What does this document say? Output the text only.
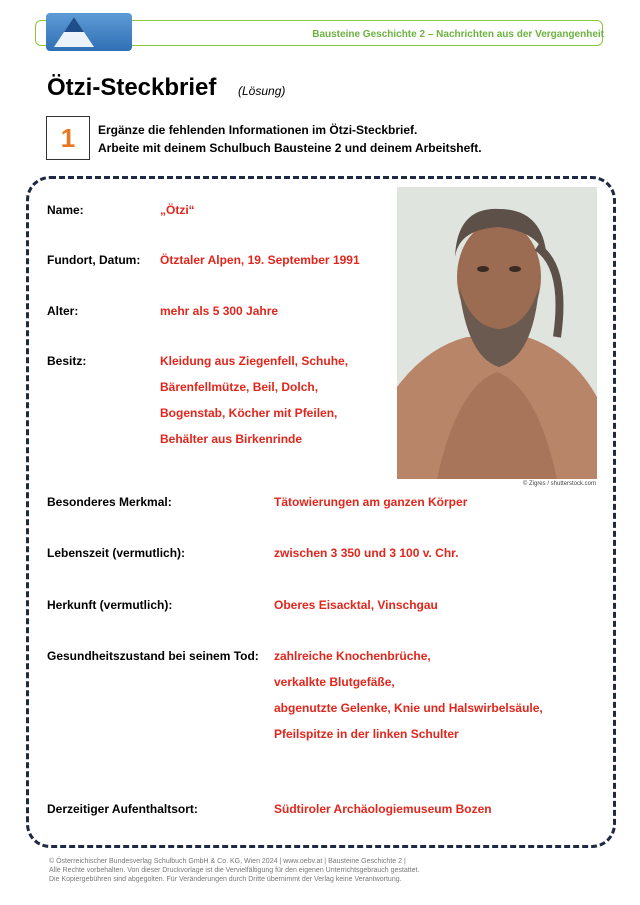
Plus	Bausteine Geschichte 2 – Nachrichten aus der Vergangenheit
Ötzi-Steckbrief (Lösung)
1	Ergänze die fehlenden Informationen im Ötzi-Steckbrief.
Arbeite mit deinem Schulbuch Bausteine 2 und deinem Arbeitsheft.
© Zigres / shutterstock.com
Name:	„Ötzi“
Fundort, Datum: Ötztaler Alpen, 19. September 1991
Alter:	mehr als 5 300 Jahre
Besitz:	Kleidung aus Ziegenfell, Schuhe,
Bärenfellmütze, Beil, Dolch,
Bogenstab, Köcher mit Pfeilen,
Behälter aus Birkenrinde
Besonderes Merkmal:	Tätowierungen am ganzen Körper
Lebenszeit (vermutlich):	zwischen 3 350 und 3 100 v. Chr.
Herkunft (vermutlich):	Oberes Eisacktal, Vinschgau
Gesundheitszustand bei seinem Tod: zahlreiche Knochenbrüche,
verkalkte Blutgefäße,
abgenutzte Gelenke, Knie und Halswirbelsäule,
Pfeilspitze in der linken Schulter
Derzeitiger Aufenthaltsort:	Südtiroler Archäologiemuseum Bozen
© Österreichischer Bundesverlag Schulbuch GmbH & Co. KG, Wien 2024 | www.oebv.at | Bausteine Geschichte 2 |
Alle Rechte vorbehalten. Von dieser Druckvorlage ist die Vervielfältigung für den eigenen Unterrichtsgebrauch gestattet.
Die Kopiergebühren sind abgegolten. Für Veränderungen durch Dritte übernimmt der Verlag keine Verantwortung.
